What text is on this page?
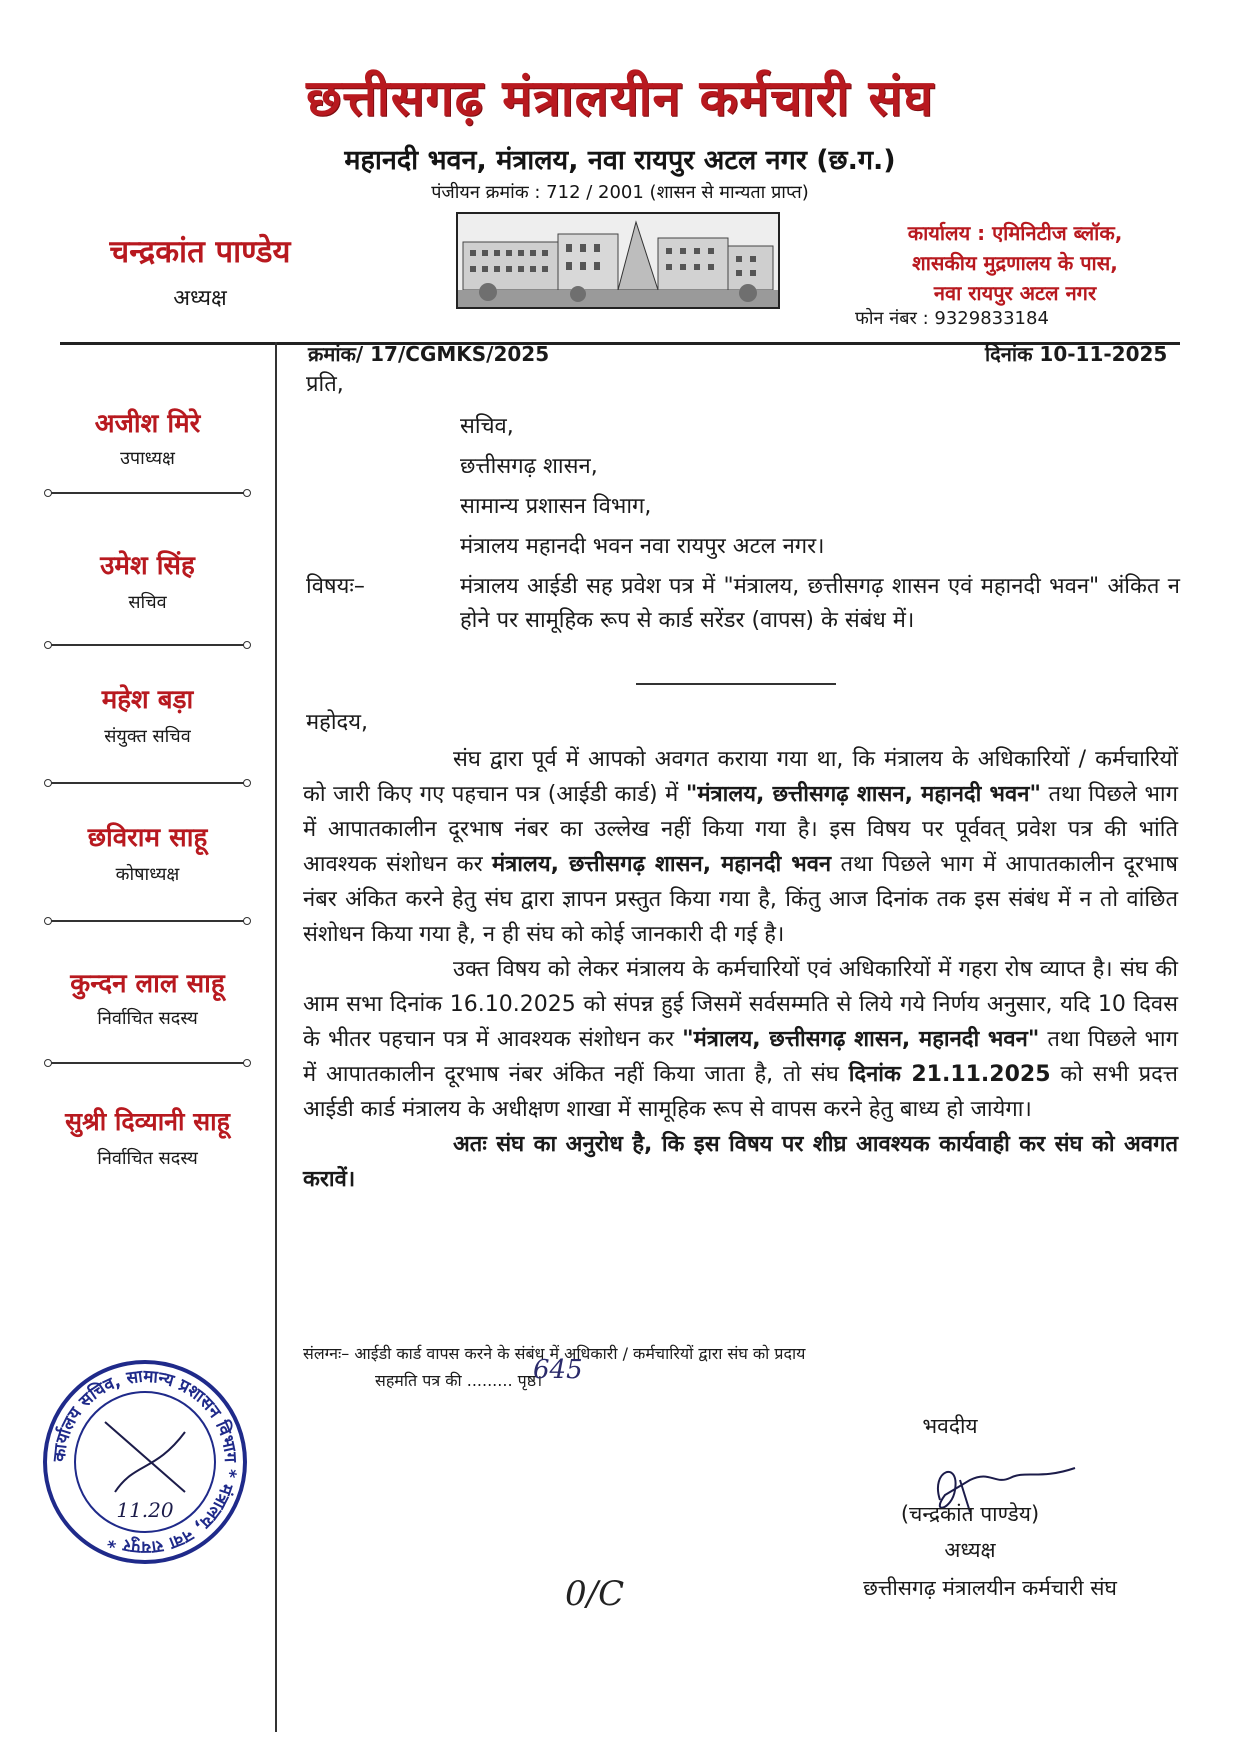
छत्तीसगढ़ मंत्रालयीन कर्मचारी संघ
महानदी भवन, मंत्रालय, नवा रायपुर अटल नगर (छ.ग.)
पंजीयन क्रमांक : 712 / 2001 (शासन से मान्यता प्राप्त)
चन्द्रकांत पाण्डेय
अध्यक्ष
कार्यालय : एमिनिटीज ब्लॉक,
शासकीय मुद्रणालय के पास,
नवा रायपुर अटल नगर
फोन नंबर : 9329833184
अजीश मिरे
उपाध्यक्ष
उमेश सिंह
सचिव
महेश बड़ा
संयुक्त सचिव
छविराम साहू
कोषाध्यक्ष
कुन्दन लाल साहू
निर्वाचित सदस्य
सुश्री दिव्यानी साहू
निर्वाचित सदस्य
क्रमांक/ 17/CGMKS/2025	दिनांक 10-11-2025
प्रति,
सचिव,
छत्तीसगढ़ शासन,
सामान्य प्रशासन विभाग,
मंत्रालय महानदी भवन नवा रायपुर अटल नगर।
विषयः–	मंत्रालय आईडी सह प्रवेश पत्र में "मंत्रालय, छत्तीसगढ़ शासन एवं महानदी भवन" अंकित न होने पर सामूहिक रूप से कार्ड सरेंडर (वापस) के संबंध में।
महोदय,

संघ द्वारा पूर्व में आपको अवगत कराया गया था, कि मंत्रालय के अधिकारियों / कर्मचारियों को जारी किए गए पहचान पत्र (आईडी कार्ड) में "मंत्रालय, छत्तीसगढ़ शासन, महानदी भवन" तथा पिछले भाग में आपातकालीन दूरभाष नंबर का उल्लेख नहीं किया गया है। इस विषय पर पूर्ववत् प्रवेश पत्र की भांति आवश्यक संशोधन कर मंत्रालय, छत्तीसगढ़ शासन, महानदी भवन तथा पिछले भाग में आपातकालीन दूरभाष नंबर अंकित करने हेतु संघ द्वारा ज्ञापन प्रस्तुत किया गया है, किंतु आज दिनांक तक इस संबंध में न तो वांछित संशोधन किया गया है, न ही संघ को कोई जानकारी दी गई है।

उक्त विषय को लेकर मंत्रालय के कर्मचारियों एवं अधिकारियों में गहरा रोष व्याप्त है। संघ की आम सभा दिनांक 16.10.2025 को संपन्न हुई जिसमें सर्वसम्मति से लिये गये निर्णय अनुसार, यदि 10 दिवस के भीतर पहचान पत्र में आवश्यक संशोधन कर "मंत्रालय, छत्तीसगढ़ शासन, महानदी भवन" तथा पिछले भाग में आपातकालीन दूरभाष नंबर अंकित नहीं किया जाता है, तो संघ दिनांक 21.11.2025 को सभी प्रदत्त आईडी कार्ड मंत्रालय के अधीक्षण शाखा में सामूहिक रूप से वापस करने हेतु बाध्य हो जायेगा।

अतः संघ का अनुरोध है, कि इस विषय पर शीघ्र आवश्यक कार्यवाही कर संघ को अवगत करावें।

संलग्नः– आईडी कार्ड वापस करने के संबंध में अधिकारी / कर्मचारियों द्वारा संघ को प्रदाय
सहमति पत्र की ......... पृष्ठ।
645
भवदीय
(चन्द्रकांत पाण्डेय)
अध्यक्ष
छत्तीसगढ़ मंत्रालयीन कर्मचारी संघ
0/C
कार्यालय सचिव, सामान्य प्रशासन विभाग * मंत्रालय, नवा रायपुर *
11.20
